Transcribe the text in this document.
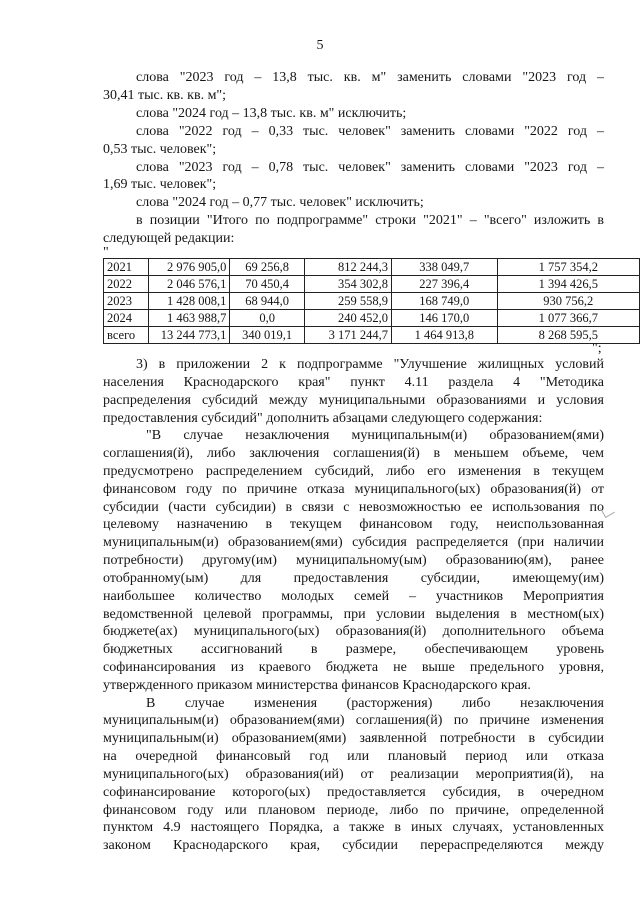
5
слова "2023 год – 13,8 тыс. кв. м" заменить словами "2023 год –
30,41 тыс. кв. кв. м";
слова "2024 год – 13,8 тыс. кв. м" исключить;
слова "2022 год – 0,33 тыс. человек" заменить словами "2022 год –
0,53 тыс. человек";
слова "2023 год – 0,78 тыс. человек" заменить словами "2023 год –
1,69 тыс. человек";
слова "2024 год – 0,77 тыс. человек" исключить;
в позиции "Итого по подпрограмме" строки "2021" – "всего" изложить в
следующей редакции:
"
2021	2 976 905,0	69 256,8	812 244,3	338 049,7	1 757 354,2
2022	2 046 576,1	70 450,4	354 302,8	227 396,4	1 394 426,5
2023	1 428 008,1	68 944,0	259 558,9	168 749,0	930 756,2
2024	1 463 988,7	0,0	240 452,0	146 170,0	1 077 366,7
всего	13 244 773,1	340 019,1	3 171 244,7	1 464 913,8	8 268 595,5
";
3) в приложении 2 к подпрограмме "Улучшение жилищных условий
населения Краснодарского края" пункт 4.11 раздела 4 "Методика
распределения субсидий между муниципальными образованиями и условия
предоставления субсидий" дополнить абзацами следующего содержания:
"В случае незаключения муниципальным(и) образованием(ями)
соглашения(й), либо заключения соглашения(й) в меньшем объеме, чем
предусмотрено распределением субсидий, либо его изменения в текущем
финансовом году по причине отказа муниципального(ых) образования(й) от
субсидии (части субсидии) в связи с невозможностью ее использования по
целевому назначению в текущем финансовом году, неиспользованная
муниципальным(и) образованием(ями) субсидия распределяется (при наличии
потребности) другому(им) муниципальному(ым) образованию(ям), ранее
отобранному(ым) для предоставления субсидии, имеющему(им)
наибольшее количество молодых семей – участников Мероприятия
ведомственной целевой программы, при условии выделения в местном(ых)
бюджете(ах) муниципального(ых) образования(й) дополнительного объема
бюджетных ассигнований в размере, обеспечивающем уровень
софинансирования из краевого бюджета не выше предельного уровня,
утвержденного приказом министерства финансов Краснодарского края.
В случае изменения (расторжения) либо незаключения
муниципальным(и) образованием(ями) соглашения(й) по причине изменения
муниципальным(и) образованием(ями) заявленной потребности в субсидии
на очередной финансовый год или плановый период или отказа
муниципального(ых) образования(ий) от реализации мероприятия(й), на
софинансирование которого(ых) предоставляется субсидия, в очередном
финансовом году или плановом периоде, либо по причине, определенной
пунктом 4.9 настоящего Порядка, а также в иных случаях, установленных
законом Краснодарского края, субсидии перераспределяются между
